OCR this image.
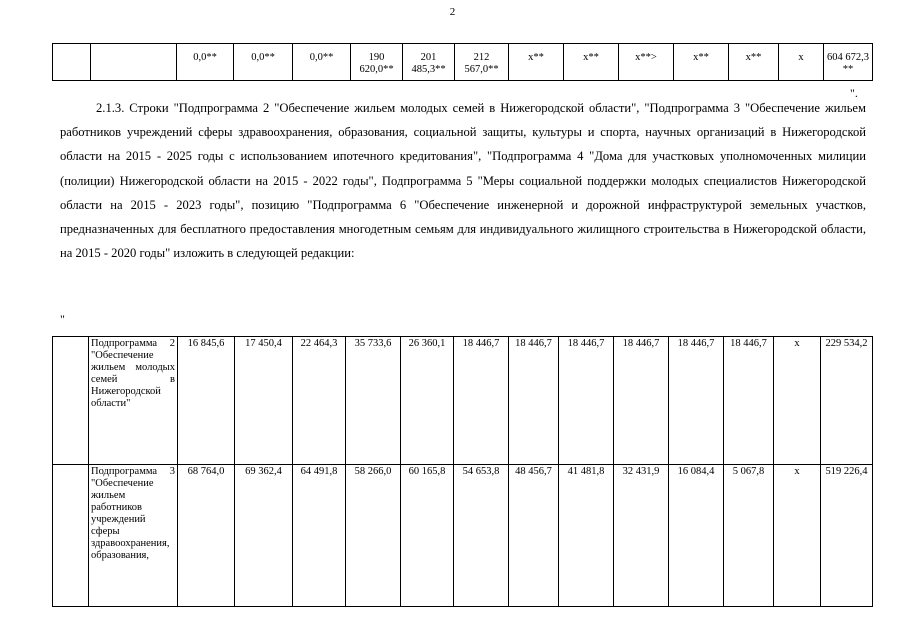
2
		0,0**	0,0**	0,0**	190 620,0**	201 485,3**	212 567,0**	x**	x**	x**>	x**	x**	x	604 672,3 **
".
2.1.3. Строки "Подпрограмма 2 "Обеспечение жильем молодых семей в Нижегородской области", "Подпрограмма 3 "Обеспечение жильем работников учреждений сферы здравоохранения, образования, социальной защиты, культуры и спорта, научных организаций в Нижегородской области на 2015 - 2025 годы с использованием ипотечного кредитования", "Подпрограмма 4 "Дома для участковых уполномоченных милиции (полиции) Нижегородской области на 2015 - 2022 годы", Подпрограмма 5 "Меры социальной поддержки молодых специалистов Нижегородской области на 2015 - 2023 годы", позицию "Подпрограмма 6 "Обеспечение инженерной и дорожной инфраструктурой земельных участков, предназначенных для бесплатного предоставления многодетным семьям для индивидуального жилищного строительства в Нижегородской области, на 2015 - 2020 годы" изложить в следующей редакции:
"
	Подпрограмма 2 "Обеспечение жильем молодых семей в Нижегородской области"	16 845,6	17 450,4	22 464,3	35 733,6	26 360,1	18 446,7	18 446,7	18 446,7	18 446,7	18 446,7	18 446,7	x	229 534,2
	Подпрограмма 3 "Обеспечение жильем работников учреждений сферы здравоохранения, образования,	68 764,0	69 362,4	64 491,8	58 266,0	60 165,8	54 653,8	48 456,7	41 481,8	32 431,9	16 084,4	5 067,8	x	519 226,4
